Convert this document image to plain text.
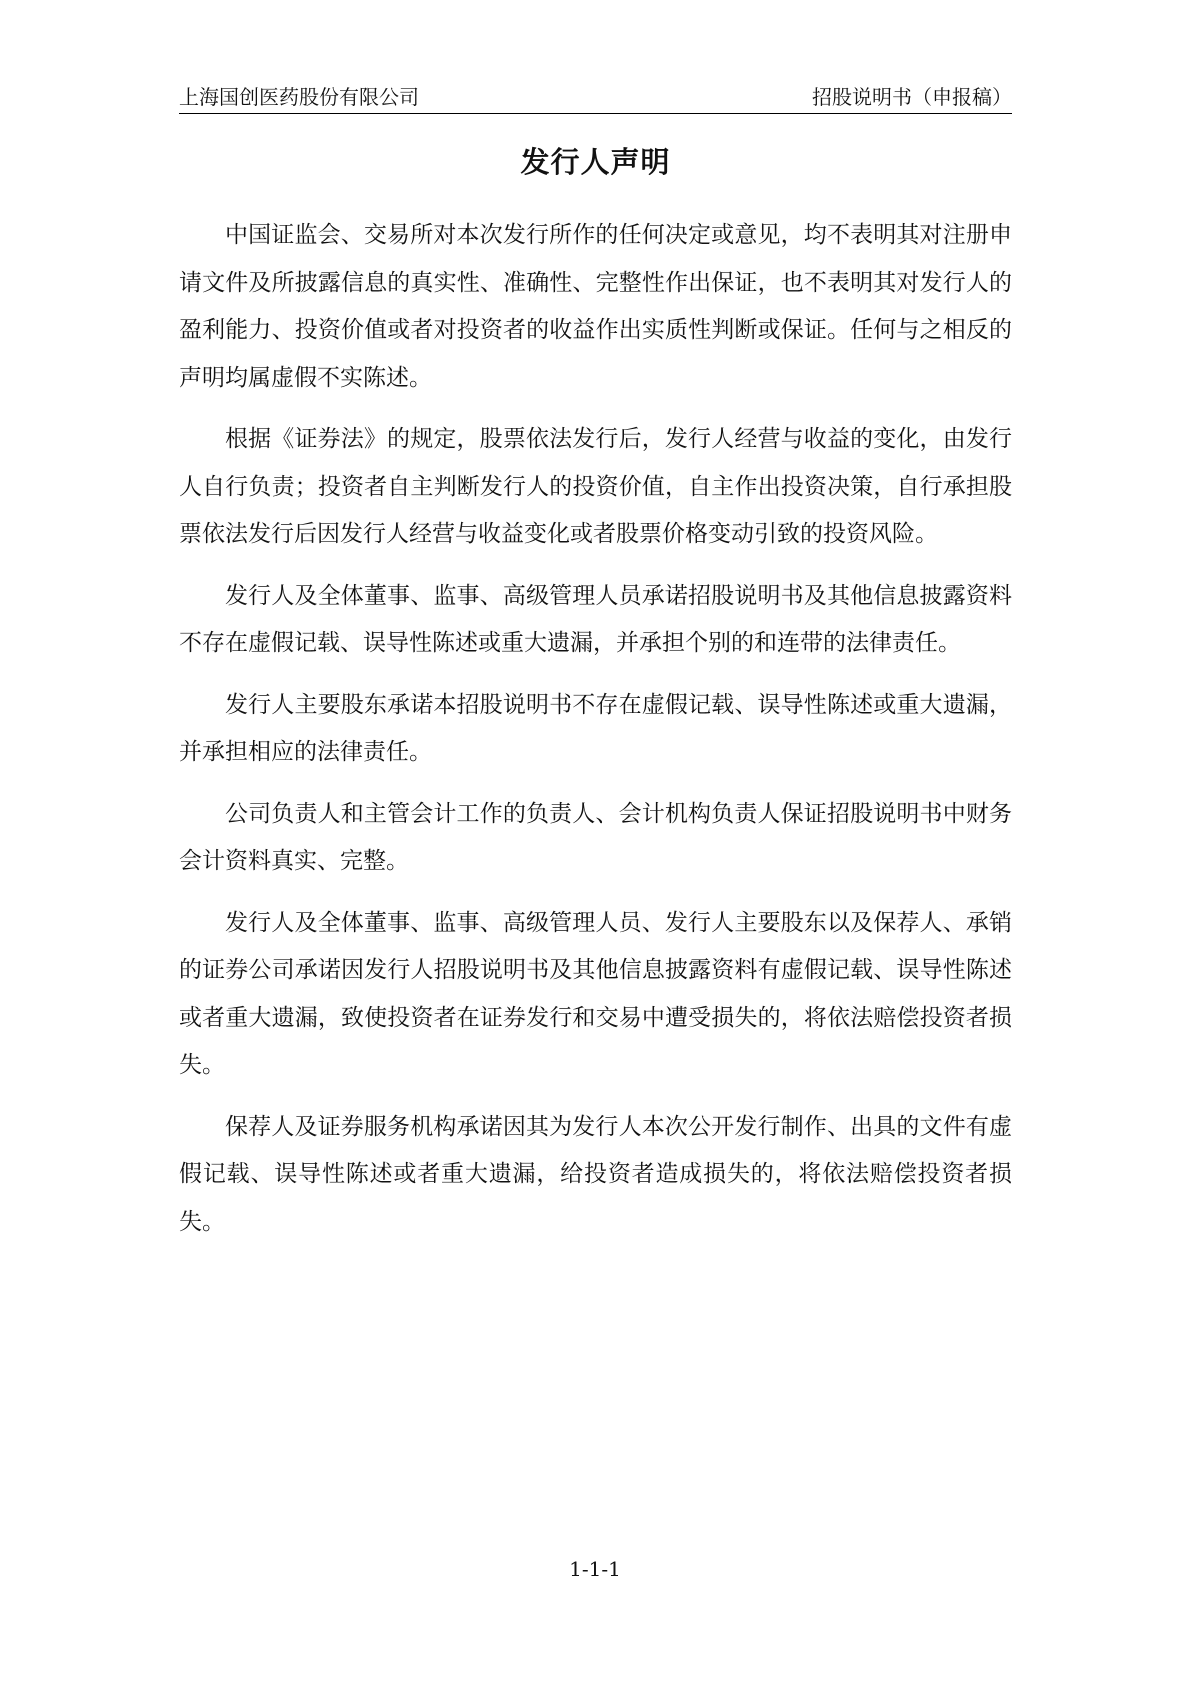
上海国创医药股份有限公司	招股说明书（申报稿）
发行人声明

中国证监会、交易所对本次发行所作的任何决定或意见，均不表明其对注册申请文件及所披露信息的真实性、准确性、完整性作出保证，也不表明其对发行人的盈利能力、投资价值或者对投资者的收益作出实质性判断或保证。任何与之相反的声明均属虚假不实陈述。

根据《证券法》的规定，股票依法发行后，发行人经营与收益的变化，由发行人自行负责；投资者自主判断发行人的投资价值，自主作出投资决策，自行承担股票依法发行后因发行人经营与收益变化或者股票价格变动引致的投资风险。

发行人及全体董事、监事、高级管理人员承诺招股说明书及其他信息披露资料不存在虚假记载、误导性陈述或重大遗漏，并承担个别的和连带的法律责任。

发行人主要股东承诺本招股说明书不存在虚假记载、误导性陈述或重大遗漏，并承担相应的法律责任。

公司负责人和主管会计工作的负责人、会计机构负责人保证招股说明书中财务会计资料真实、完整。

发行人及全体董事、监事、高级管理人员、发行人主要股东以及保荐人、承销的证券公司承诺因发行人招股说明书及其他信息披露资料有虚假记载、误导性陈述或者重大遗漏，致使投资者在证券发行和交易中遭受损失的，将依法赔偿投资者损失。

保荐人及证券服务机构承诺因其为发行人本次公开发行制作、出具的文件有虚假记载、误导性陈述或者重大遗漏，给投资者造成损失的，将依法赔偿投资者损失。

1-1-1
